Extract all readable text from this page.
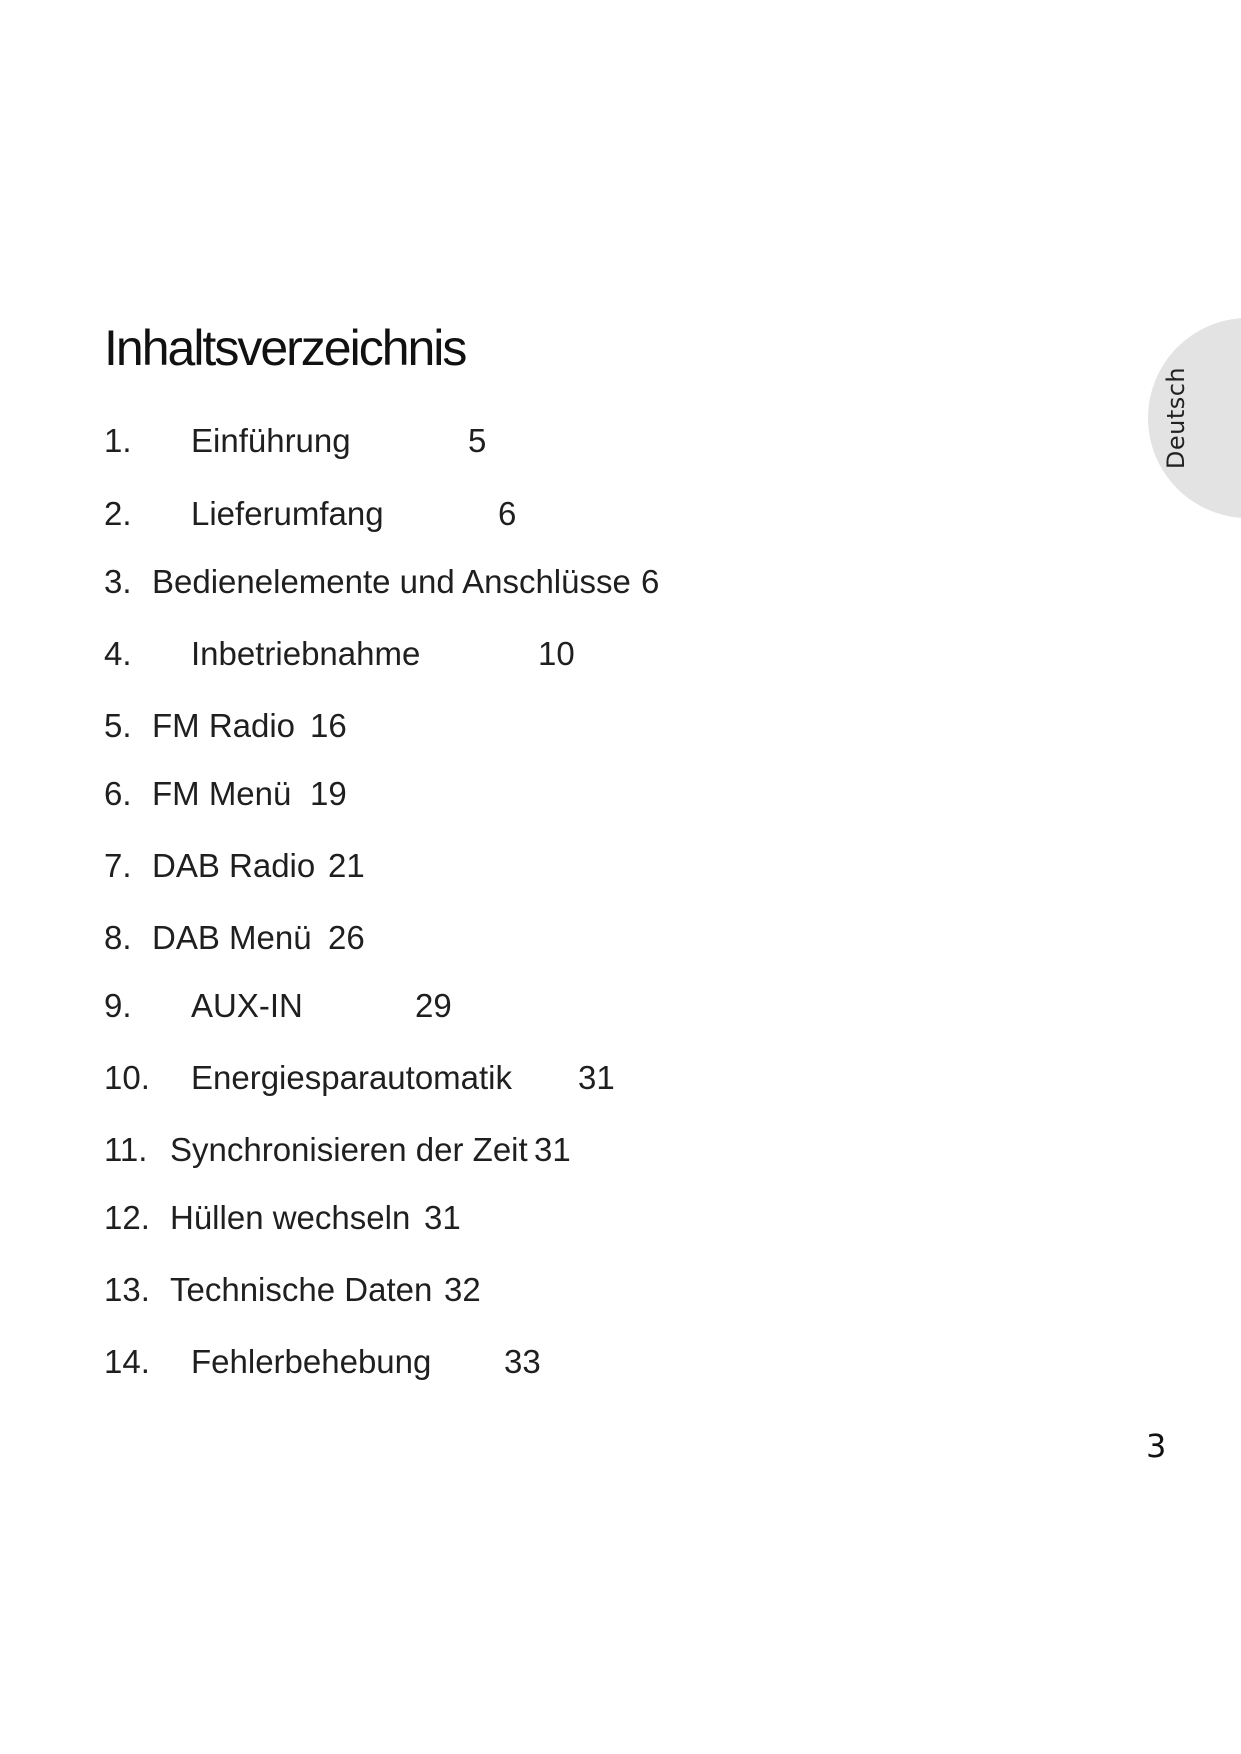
Deutsch
Inhaltsverzeichnis
1. Einführung	5
2. Lieferumfang	6
3. Bedienelemente und Anschlüsse 6
4. Inbetriebnahme	10
5. FM Radio 16
6. FM Menü 19
7. DAB Radio 21
8. DAB Menü 26
9. AUX-IN	29
10. Energiesparautomatik 31
11. Synchronisieren der Zeit 31
12. Hüllen wechseln 31
13. Technische Daten 32
14. Fehlerbehebung 33
3
